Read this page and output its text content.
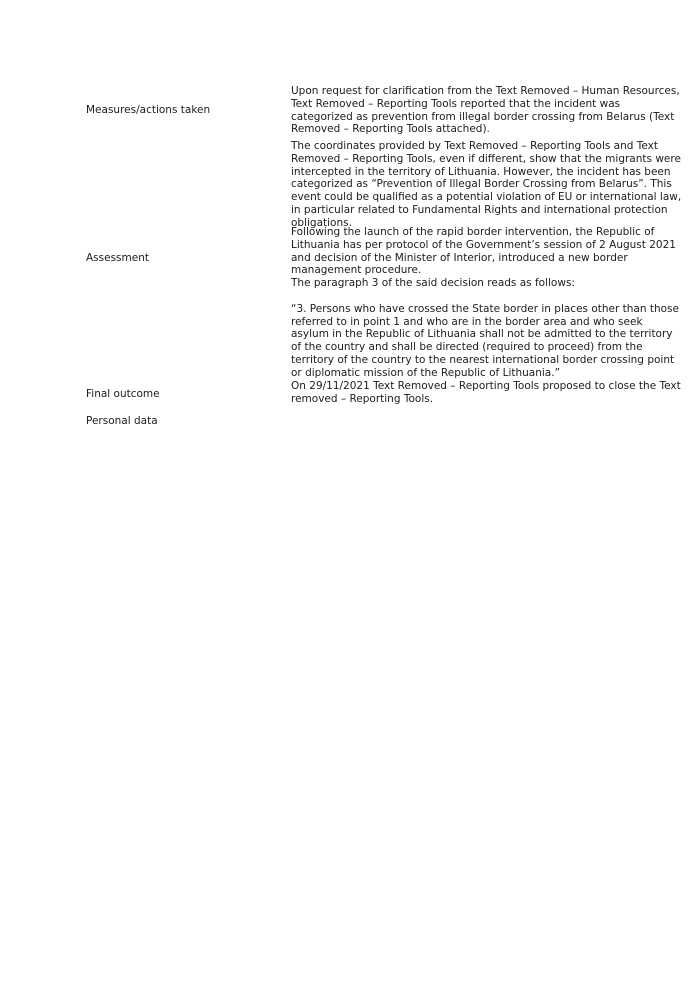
Measures/actions taken

Upon request for clarification from the Text Removed – Human Resources, Text Removed – Reporting Tools reported that the incident was categorized as prevention from illegal border crossing from Belarus (Text Removed – Reporting Tools attached).

The coordinates provided by Text Removed – Reporting Tools and Text Removed – Reporting Tools, even if different, show that the migrants were intercepted in the territory of Lithuania. However, the incident has been categorized as “Prevention of Illegal Border Crossing from Belarus”. This event could be qualified as a potential violation of EU or international law, in particular related to Fundamental Rights and international protection obligations.

Assessment

Following the launch of the rapid border intervention, the Republic of Lithuania has per protocol of the Government’s session of 2 August 2021 and decision of the Minister of Interior, introduced a new border management procedure.

The paragraph 3 of the said decision reads as follows:

“3. Persons who have crossed the State border in places other than those referred to in point 1 and who are in the border area and who seek asylum in the Republic of Lithuania shall not be admitted to the territory of the country and shall be directed (required to proceed) from the territory of the country to the nearest international border crossing point or diplomatic mission of the Republic of Lithuania.”

Final outcome

On 29/11/2021 Text Removed – Reporting Tools proposed to close the Text removed – Reporting Tools.

Personal data
